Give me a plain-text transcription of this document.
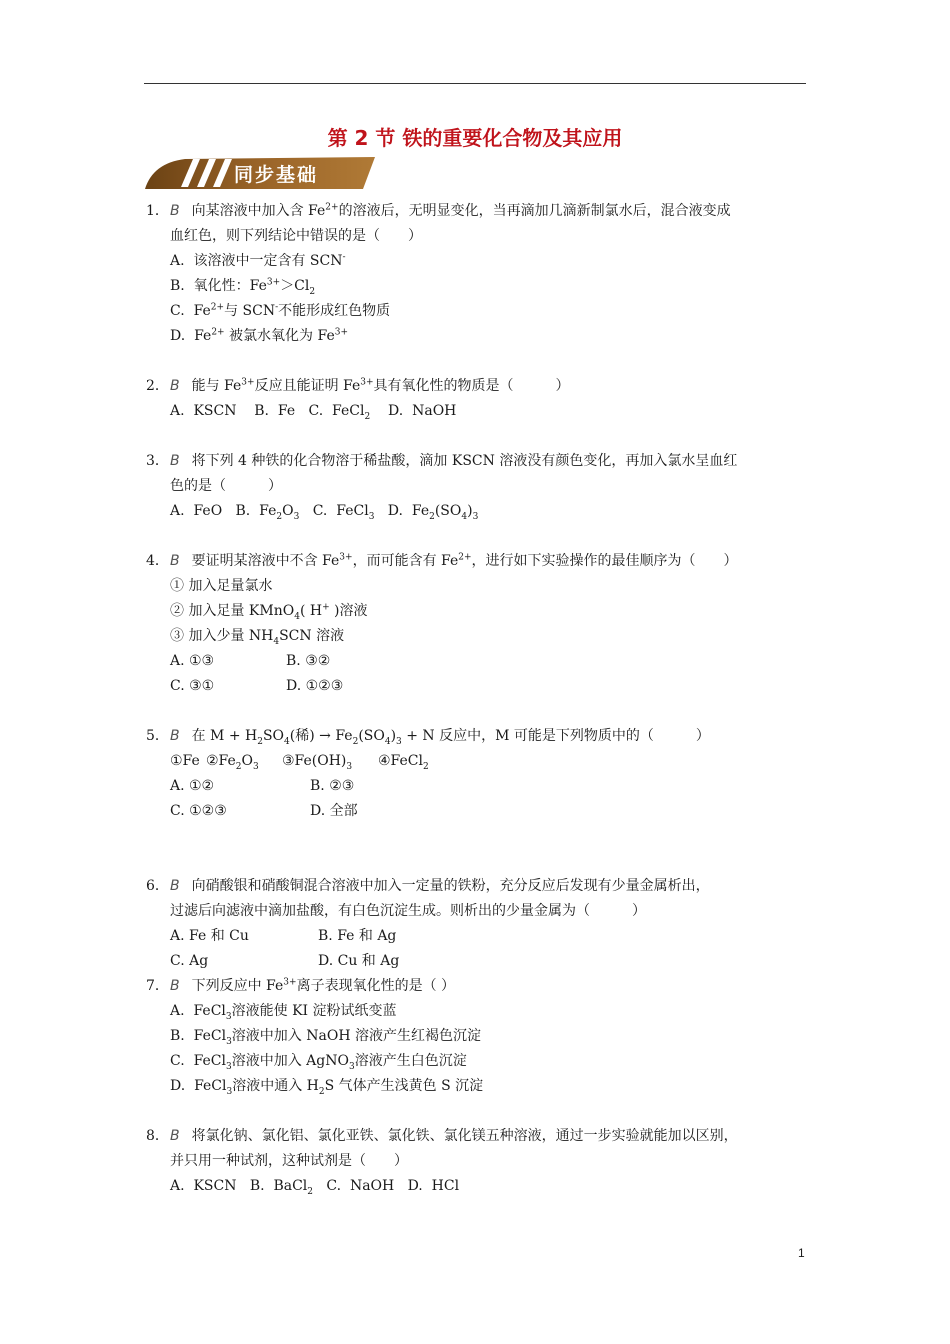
第 2 节 铁的重要化合物及其应用
同步基础
1． B 向某溶液中加入含 $Fe^{2+}$的溶液后，无明显变化，当再滴加几滴新制氯水后，混合液变成
血红色，则下列结论中错误的是（　　）
A.  该溶液中一定含有 SCN-
B.  氧化性：$Fe^{3+}>Cl_2$
C.  $Fe^{2+}$与 SCN-不能形成红色物质
D.  $Fe^{2+}$ 被氯水氧化为 $Fe^{3+}$
2． B 能与 $Fe^{3+}$反应且能证明 $Fe^{3+}$具有氧化性的物质是（　　　）
A.  KSCN    B.  Fe   C.  FeCl$_2$    D.  NaOH
3． B 将下列 4 种铁的化合物溶于稀盐酸，滴加 KSCN 溶液没有颜色变化，再加入氯水呈血红
色的是（　　　）
A.  FeO   B.  $Fe_2O_3$   C.  FeCl$_3$   D.  $Fe_2(SO_4)_3$
4． B 要证明某溶液中不含 $Fe^{3+}$，而可能含有 $Fe^{2+}$，进行如下实验操作的最佳顺序为（　　）
① 加入足量氯水
② 加入足量 KMnO$_4$( H+ )溶液
③ 加入少量 $NH_4SCN$ 溶液
A. ①③	B. ③②
C. ③①	D. ①②③
5． B 在 $M + H_2SO_4$(稀) → $Fe_2(SO_4)_3 + N$ 反应中，M 可能是下列物质中的（　　　）
①Fe $②Fe_2O_3$	$③Fe(OH)_3$	④FeCl$_2$
A. ①②	B. ②③
C. ①②③	D. 全部
6． B 向硝酸银和硝酸铜混合溶液中加入一定量的铁粉，充分反应后发现有少量金属析出，
过滤后向滤液中滴加盐酸，有白色沉淀生成。则析出的少量金属为（　　　）
A. Fe 和 Cu	B. Fe 和 Ag
C. Ag	D. Cu 和 Ag
7． B 下列反应中 $Fe^{3+}$离子表现氧化性的是（ ）
A.  FeCl$_3$溶液能使 KI 淀粉试纸变蓝
B.  FeCl$_3$溶液中加入 NaOH 溶液产生红褐色沉淀
C.  FeCl$_3$溶液中加入 AgNO$_3$溶液产生白色沉淀
D.  FeCl$_3$溶液中通入 $H_2S$ 气体产生浅黄色 S 沉淀
8． B 将氯化钠、氯化铝、氯化亚铁、氯化铁、氯化镁五种溶液，通过一步实验就能加以区别，
并只用一种试剂，这种试剂是（　　）
A.  KSCN   B.  BaCl$_2$   C.  NaOH   D.  HCl
1
